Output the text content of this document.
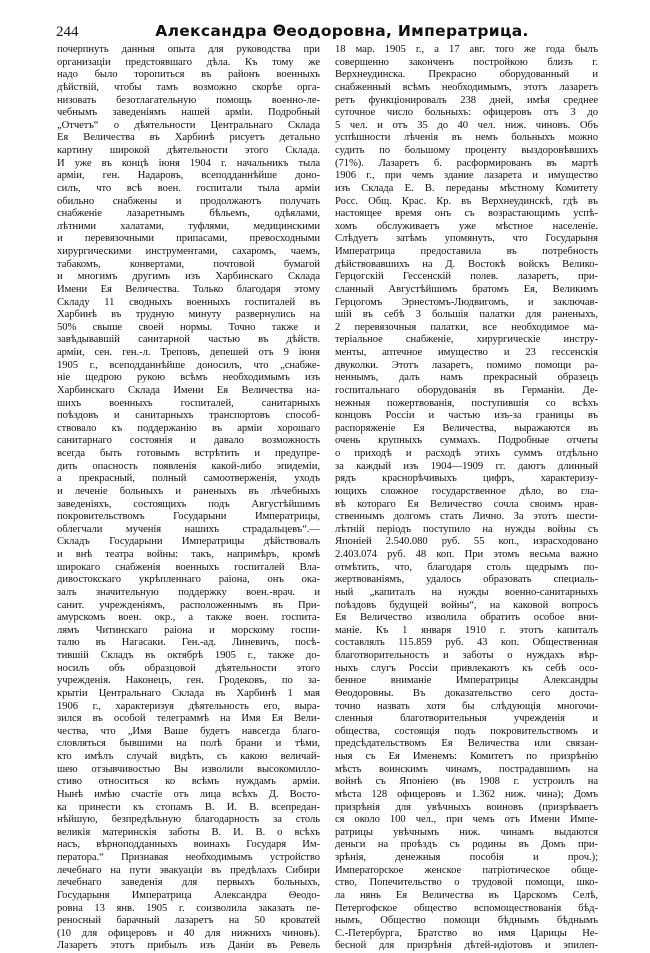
244	Александра Θеодоровна, Императрица.
почерпнуть данныя опыта для руководства при
организаціи предстоявшаго дѣла. Къ тому же
надо было торопиться въ районъ военныхъ
дѣйствій, чтобы тамъ возможно скорѣе орга-
низовать безотлагательную помощь военно-ле-
чебнымъ заведеніямъ нашей арміи. Подробный
„Отчетъ“ о дѣятельности Центральнаго Склада
Ея Величества въ Харбинѣ рисуетъ детально
картину широкой дѣятельности этого Склада.
И уже въ концѣ іюня 1904 г. начальникъ тыла
арміи, ген. Надаровъ, всеподданнѣйше доно-
силъ, что всѣ воен. госпитали тыла арміи
обильно снабжены и продолжаютъ получать
снабженіе лазаретнымъ бѣльемъ, одѣялами,
лѣтними халатами, туфлями, медицинскими
и перевязочными припасами, превосходными
хирургическими инструментами, сахаромъ, чаемъ,
табакомъ, конвертами, почтовой бумагой
и многимъ другимъ изъ Харбинскаго Склада
Имени Ея Величества. Только благодаря этому
Складу 11 сводныхъ военныхъ госпиталей въ
Харбинѣ въ трудную минуту развернулись на
50% свыше своей нормы. Точно также и
завѣдывавшій санитарной частью въ дѣйств.
арміи, сен. ген.-л. Треповъ, депешей отъ 9 іюня
1905 г., всеподданнѣйше доносилъ, что „снабже-
ніе щедрою рукою всѣмъ необходимымъ изъ
Харбинскаго Склада Имени Ея Величества на-
шихъ военныхъ госпиталей, санитарныхъ
поѣздовъ и санитарныхъ транспортовъ способ-
ствовало къ поддержанію въ арміи хорошаго
санитарнаго состоянія и давало возможность
всегда быть готовымъ встрѣтить и предупре-
дить опасность появленія какой-либо эпидеміи,
а прекрасный, полный самоотверженія, уходъ
и леченіе больныхъ и раненыхъ въ лѣчебныхъ
заведеніяхъ, состоящихъ подъ Августѣйшимъ
покровительствомъ Государыни Императрицы,
облегчали мученія нашихъ страдальцевъ“.—
Складъ Государыни Императрицы дѣйствовалъ
и внѣ театра войны: такъ, напримѣръ, кромѣ
широкаго снабженія военныхъ госпиталей Вла-
дивостокскаго укрѣпленнаго раіона, онъ ока-
залъ значительную поддержку воен.-врач. и
санит. учрежденіямъ, расположеннымъ въ При-
амурскомъ воен. окр., а также воен. госпита-
лямъ Читинскаго раіона и морскому госпи-
талю въ Нагасаки. Ген.-ад. Линевичъ, посѣ-
тившій Складъ въ октябрѣ 1905 г., также до-
носилъ объ образцовой дѣятельности этого
учрежденія. Наконецъ, ген. Гродековъ, по за-
крытіи Центральнаго Склада въ Харбинѣ 1 мая
1906 г., характеризуя дѣятельность его, выра-
зился въ особой телеграммѣ на Имя Ея Вели-
чества, что „Имя Ваше будетъ навсегда благо-
словляться бывшими на полѣ брани и тѣми,
кто имѣлъ случай видѣть, съ какою величай-
шею отзывчивостью Вы изволили высокомилло-
стиво относиться ко всѣмъ нуждамъ арміи.
Нынѣ имѣю счастіе отъ лица всѣхъ Д. Восто-
ка принести къ стопамъ В. И. В. всепредан-
нѣйшую, безпредѣльную благодарность за столь
великія материнскія заботы В. И. В. о всѣхъ
насъ, вѣрноподданныхъ воинахъ Государя Им-
ператора.“ Признавая необходимымъ устройство
лечебнаго на пути эвакуаціи въ предѣлахъ Сибири
лечебнаго заведенія для первыхъ больныхъ,
Государыня Императрица Александра Θеодо-
ровна 13 янв. 1905 г. соизволила заказать пе-
реносный барачный лазаретъ на 50 кроватей
(10 для офицеровъ и 40 для нижнихъ чиновъ).
Лазаретъ этотъ прибылъ изъ Даніи въ Ревель
18 мар. 1905 г., а 17 авг. того же года былъ
совершенно законченъ постройкою близъ г.
Верхнеудинска. Прекрасно оборудованный и
снабженный всѣмъ необходимымъ, этотъ лазаретъ
ретъ функціонировалъ 238 дней, имѣя среднее
суточное число больныхъ: офицеровъ отъ 3 до
5 чел. и отъ 35 до 40 чел. ниж. чиновъ. Объ
успѣшности лѣченія въ немъ больныхъ можно
судить по большому проценту выздоровѣвшихъ
(71%). Лазаретъ б. расформированъ въ мартѣ
1906 г., при чемъ здание лазарета и имущество
изъ Склада Е. В. переданы мѣстному Комитету
Росс. Общ. Крас. Кр. въ Верхнеудинскѣ, гдѣ въ
настоящее время онъ съ возрастающимъ успѣ-
хомъ обслуживаетъ уже мѣстное населеніе.
Слѣдуетъ затѣмъ упомянуть, что Государыня
Императрица предоставила въ потребность
дѣйствовавшихъ на Д. Востокѣ войскъ Велико-
Герцогскій Гессенскій полев. лазаретъ, при-
сланный Августѣйшимъ братомъ Ея, Великимъ
Герцогомъ Эрнестомъ-Людвигомъ, и заключав-
шій въ себѣ 3 большія палатки для раненыхъ,
2 перевязочныя палатки, все необходимое ма-
теріальное снабженіе, хирургическіе инстру-
менты, аптечное имущество и 23 гессенскія
двуколки. Этотъ лазаретъ, помимо помощи ра-
неннымъ, далъ намъ прекрасный образецъ
госпитальнаго оборудованія въ Германіи. Де-
нежныя пожертвованія, поступившія со всѣхъ
концовъ Россіи и частью изъ-за границы въ
распоряженіе Ея Величества, выражаются въ
очень крупныхъ суммахъ. Подробные отчеты
о приходѣ и расходѣ этихъ суммъ отдѣльно
за каждый изъ 1904—1909 гг. даютъ длинный
рядъ краснорѣчивыхъ цифръ, характеризу-
ющихъ сложное государственное дѣло, во гла-
вѣ котораго Ея Величество сочла своимъ нрав-
ственнымъ долгомъ стать Лично. За этотъ шести-
лѣтній періодъ поступило на нужды войны съ
Японіей 2.540.080 руб. 55 коп., израсходовано
2.403.074 руб. 48 коп. При этомъ весьма важно
отмѣтить, что, благодаря столь щедрымъ по-
жертвованіямъ, удалось образовать специаль-
ный „капиталъ на нужды военно-санитарныхъ
поѣздовъ будущей войны“, на каковой вопросъ
Ея Величество изволила обратить особое вни-
маніе. Къ 1 января 1910 г. этотъ капиталъ
составлялъ 115.859 руб. 43 коп. Общественная
благотворительность и заботы о нуждахъ вѣр-
ныхъ слугъ Россіи привлекаютъ къ себѣ осо-
бенное вниманіе Императрицы Александры
Θеодоровны. Въ доказательство сего доста-
точно назвать хотя бы слѣдующія многочи-
сленныя благотворительныя учрежденія и
общества, состоящія подъ покровительствомъ и
предсѣдательствомъ Ея Величества или связан-
ныя съ Ея Именемъ: Комитетъ по призрѣнію
мѣсть воинскимъ чинамъ, пострадавшимъ на
войнѣ съ Японіею (въ 1908 г. устроилъ на
мѣста 128 офицеровъ и 1.362 ниж. чина); Домъ
призрѣнія для увѣчныхъ воиновъ (призрѣваетъ
ся около 100 чел., при чемъ отъ Имени Импе-
ратрицы увѣчнымъ ниж. чинамъ выдаются
деньги на проѣздъ съ родины въ Домъ при-
зрѣнія, денежныя пособія и проч.);
Императорское женское патріотическое обще-
ство, Попечительство о трудовой помощи, шко-
ла нянь Ея Величества въ Царскомъ Селѣ,
Петергофское общество вспомоществованія бѣд-
нымъ, Общество помощи бѣднымъ бѣднымъ
С.-Петербурга, Братство во имя Царицы Не-
бесной для призрѣнія дѣтей-идіотовъ и эпилеп-
